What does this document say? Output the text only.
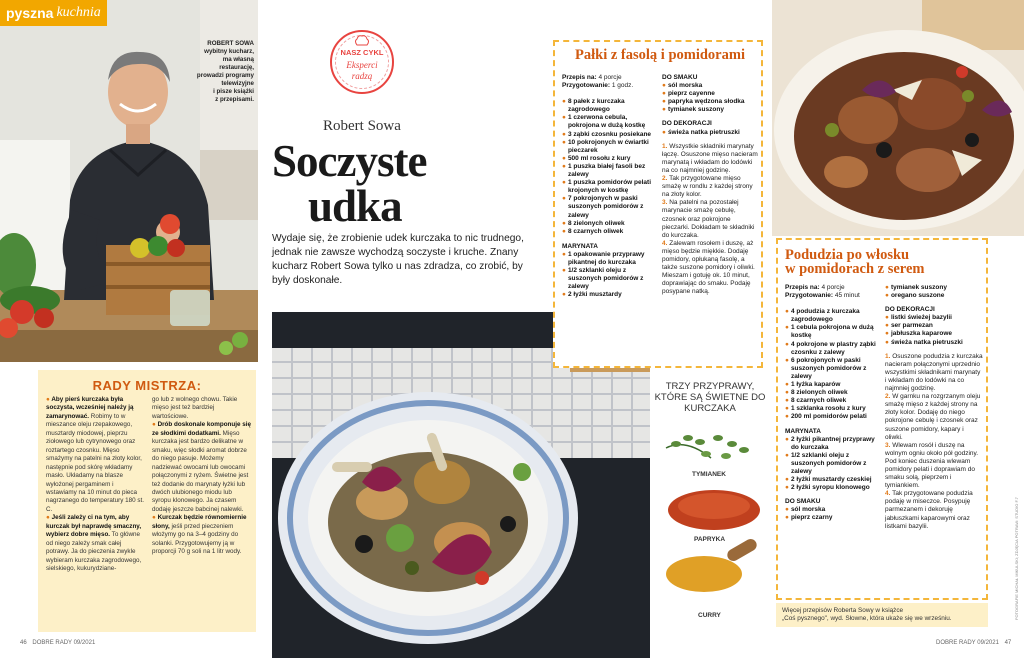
pyszna kuchnia
ROBERT SOWA
wybitny kucharz,
ma własną
restaurację,
prowadzi programy
telewizyjne
i pisze książki
z przepisami.
RADY MISTRZA:

● Aby pierś kurczaka była soczysta, wcześniej należy ją zamarynować. Robimy to w mieszance oleju rzepakowego, musztardy miodowej, pieprzu ziołowego lub cytrynowego oraz roztartego czosnku. Mięso smażymy na patelni na złoty kolor, następnie pod skórę wkładamy masło. Układamy na blasze wyłożonej pergaminem i wstawiamy na 10 minut do pieca nagrzanego do temperatury 180 st. C.

● Jeśli zależy ci na tym, aby kurczak był naprawdę smaczny, wybierz dobre mięso. To główne od niego zależy smak całej potrawy. Ja do pieczenia zwykle wybieram kurczaka zagrodowego, sielskiego, kukurydziane-

go lub z wolnego chowu. Takie mięso jest też bardziej wartościowe.

● Drób doskonale komponuje się ze słodkimi dodatkami. Mięso kurczaka jest bardzo delikatne w smaku, więc słodki aromat dobrze do niego pasuje. Możemy nadziewać owocami lub owocami połączonymi z ryżem. Świetne jest też dodanie do marynaty łyżki lub dwóch ulubionego miodu lub syropu klonowego. Ja czasem dodaję jeszcze babcinej nalewki.

● Kurczak będzie równomiernie słony, jeśli przed pieczeniem włożymy go na 3–4 godziny do solanki. Przygotowujemy ją w proporcji 70 g soli na 1 litr wody.

46 DOBRE RADY 09/2021
NASZ CYKL
Eksperci
radzą
Robert Sowa
Soczyste
udka
Wydaje się, że zrobienie udek kurczaka to nic trudnego, jednak nie zawsze wychodzą soczyste i kruche. Znany kucharz Robert Sowa tylko u nas zdradza, co zrobić, by były doskonałe.
Pałki z fasolą i pomidorami
Przepis na: 4 porcje
Przygotowanie: 1 godz.
● 8 pałek z kurczaka zagrodowego
● 1 czerwona cebula, pokrojona w dużą kostkę
● 3 ząbki czosnku posiekane
● 10 pokrojonych w ćwiartki pieczarek
● 500 ml rosołu z kury
● 1 puszka białej fasoli bez zalewy
● 1 puszka pomidorów pelati krojonych w kostkę
● 7 pokrojonych w paski suszonych pomidorów z zalewy
● 8 zielonych oliwek
● 8 czarnych oliwek
MARYNATA
● 1 opakowanie przyprawy pikantnej do kurczaka
● 1/2 szklanki oleju z suszonych pomidorów z zalewy
● 2 łyżki musztardy
DO SMAKU
● sól morska
● pieprz cayenne
● papryka wędzona słodka
● tymianek suszony
DO DEKORACJI
● świeża natka pietruszki

1. Wszystkie składniki marynaty łączę. Osuszone mięso nacieram marynatą i wkładam do lodówki na co najmniej godzinę.

2. Tak przygotowane mięso smażę w rondlu z każdej strony na złoty kolor.

3. Na patelni na pozostałej marynacie smażę cebulę, czosnek oraz pokrojone pieczarki. Dokładam te składniki do kurczaka.

4. Zalewam rosołem i duszę, aż mięso będzie miękkie. Dodaję pomidory, opłukaną fasolę, a także suszone pomidory i oliwki. Mieszam i gotuję ok. 10 minut, doprawiając do smaku. Podaję posypane natką.

TRZY PRZYPRAWY, KTÓRE SĄ ŚWIETNE DO KURCZAKA
TYMIANEK
PAPRYKA
CURRY
Podudzia po włosku
w pomidorach z serem
Przepis na: 4 porcje
Przygotowanie: 45 minut
● 4 podudzia z kurczaka zagrodowego
● 1 cebula pokrojona w dużą kostkę
● 4 pokrojone w plastry ząbki czosnku z zalewy
● 6 pokrojonych w paski suszonych pomidorów z zalewy
● 1 łyżka kaparów
● 8 zielonych oliwek
● 8 czarnych oliwek
● 1 szklanka rosołu z kury
● 200 ml pomidorów pelati
MARYNATA
● 2 łyżki pikantnej przyprawy do kurczaka
● 1/2 szklanki oleju z suszonych pomidorów z zalewy
● 2 łyżki musztardy czeskiej
● 2 łyżki syropu klonowego
DO SMAKU
● sól morska
● pieprz czarny
● tymianek suszony
● oregano suszone
DO DEKORACJI
● listki świeżej bazylii
● ser parmezan
● jabłuszka kaparowe
● świeża natka pietruszki

1. Osuszone podudzia z kurczaka nacieram połączonymi uprzednio wszystkimi składnikami marynaty i wkładam do lodówki na co najmniej godzinę.

2. W garnku na rozgrzanym oleju smażę mięso z każdej strony na złoty kolor. Dodaję do niego pokrojone cebulę i czosnek oraz suszone pomidory, kapary i oliwki.

3. Wlewam rosół i duszę na wolnym ogniu około pół godziny. Pod koniec duszenia wlewam pomidory pelati i doprawiam do smaku solą, pieprzem i tymiankiem.

4. Tak przygotowane podudzia podaję w miseczce. Posypuję parmezanem i dekoruję jabłuszkami kaparowymi oraz listkami bazylii.

Więcej przepisów Roberta Sowy w książce
„Coś pysznego", wyd. Słowne, która ukaże się we wrześniu.	FOTOGRAFIE MICHAŁ MIKULSKI; ZDJĘCIA POTRAW: STUDIO F.7
DOBRE RADY 09/2021 47
